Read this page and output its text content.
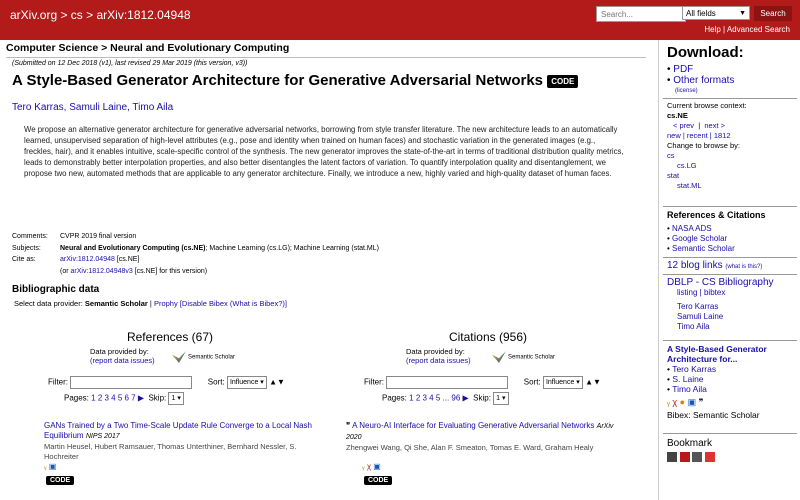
arXiv.org > cs > arXiv:1812.04948
Search...	All fields	▼	Search
Help | Advanced Search
Computer Science > Neural and Evolutionary Computing
(Submitted on 12 Dec 2018 (v1), last revised 29 Mar 2019 (this version, v3))
A Style-Based Generator Architecture for Generative Adversarial Networks CODE
Tero Karras, Samuli Laine, Timo Aila
We propose an alternative generator architecture for generative adversarial networks, borrowing from style transfer literature. The new architecture leads to an automatically learned, unsupervised separation of high-level attributes (e.g., pose and identity when trained on human faces) and stochastic variation in the generated images (e.g., freckles, hair), and it enables intuitive, scale-specific control of the synthesis. The new generator improves the state-of-the-art in terms of traditional distribution quality metrics, leads to demonstrably better interpolation properties, and also better disentangles the latent factors of variation. To quantify interpolation quality and disentanglement, we propose two new, automated methods that are applicable to any generator architecture. Finally, we introduce a new, highly varied and high-quality dataset of human faces.
Comments: CVPR 2019 final version
Subjects:	Neural and Evolutionary Computing (cs.NE); Machine Learning (cs.LG); Machine Learning (stat.ML)
Cite as:	arXiv:1812.04948 [cs.NE]
(or arXiv:1812.04948v3 [cs.NE] for this version)
Bibliographic data
Select data provider: Semantic Scholar | Prophy [Disable Bibex (What is Bibex?)]
References (67)
Data provided by:
(report data issues)	Semantic Scholar
Filter:	Sort: Influence ▾ ▲▼
Pages: 1 2 3 4 5 6 7 ▶ Skip: 1 ▾
GANs Trained by a Two Time-Scale Update Rule Converge to a Local Nash Equilibrium NIPS 2017
Martin Heusel, Hubert Ramsauer, Thomas Unterthiner, Bernhard Nessler, S. Hochreiter
ᵧ ▣
CODE
Citations (956)
Data provided by:
(report data issues)	Semantic Scholar
Filter:	Sort: Influence ▾ ▲▼
Pages: 1 2 3 4 5 ... 96 ▶ Skip: 1 ▾
❞ A Neuro-AI Interface for Evaluating Generative Adversarial Networks ArXiv 2020
Zhengwei Wang, Qi She, Alan F. Smeaton, Tomas E. Ward, Graham Healy
ᵧ χ ▣
CODE
Download:
• PDF
• Other formats
(license)
Current browse context:
cs.NE
< prev  |  next >
new | recent | 1812
Change to browse by:
cs
cs.LG
stat
stat.ML
References & Citations
• NASA ADS
• Google Scholar
• Semantic Scholar
12 blog links (what is this?)
DBLP - CS Bibliography
listing | bibtex
Tero Karras
Samuli Laine
Timo Aila
A Style-Based Generator Architecture for...
• Tero Karras
• S. Laine
• Timo Aila
ᵧ χ ● ▣ ❞
Bibex: Semantic Scholar
Bookmark
